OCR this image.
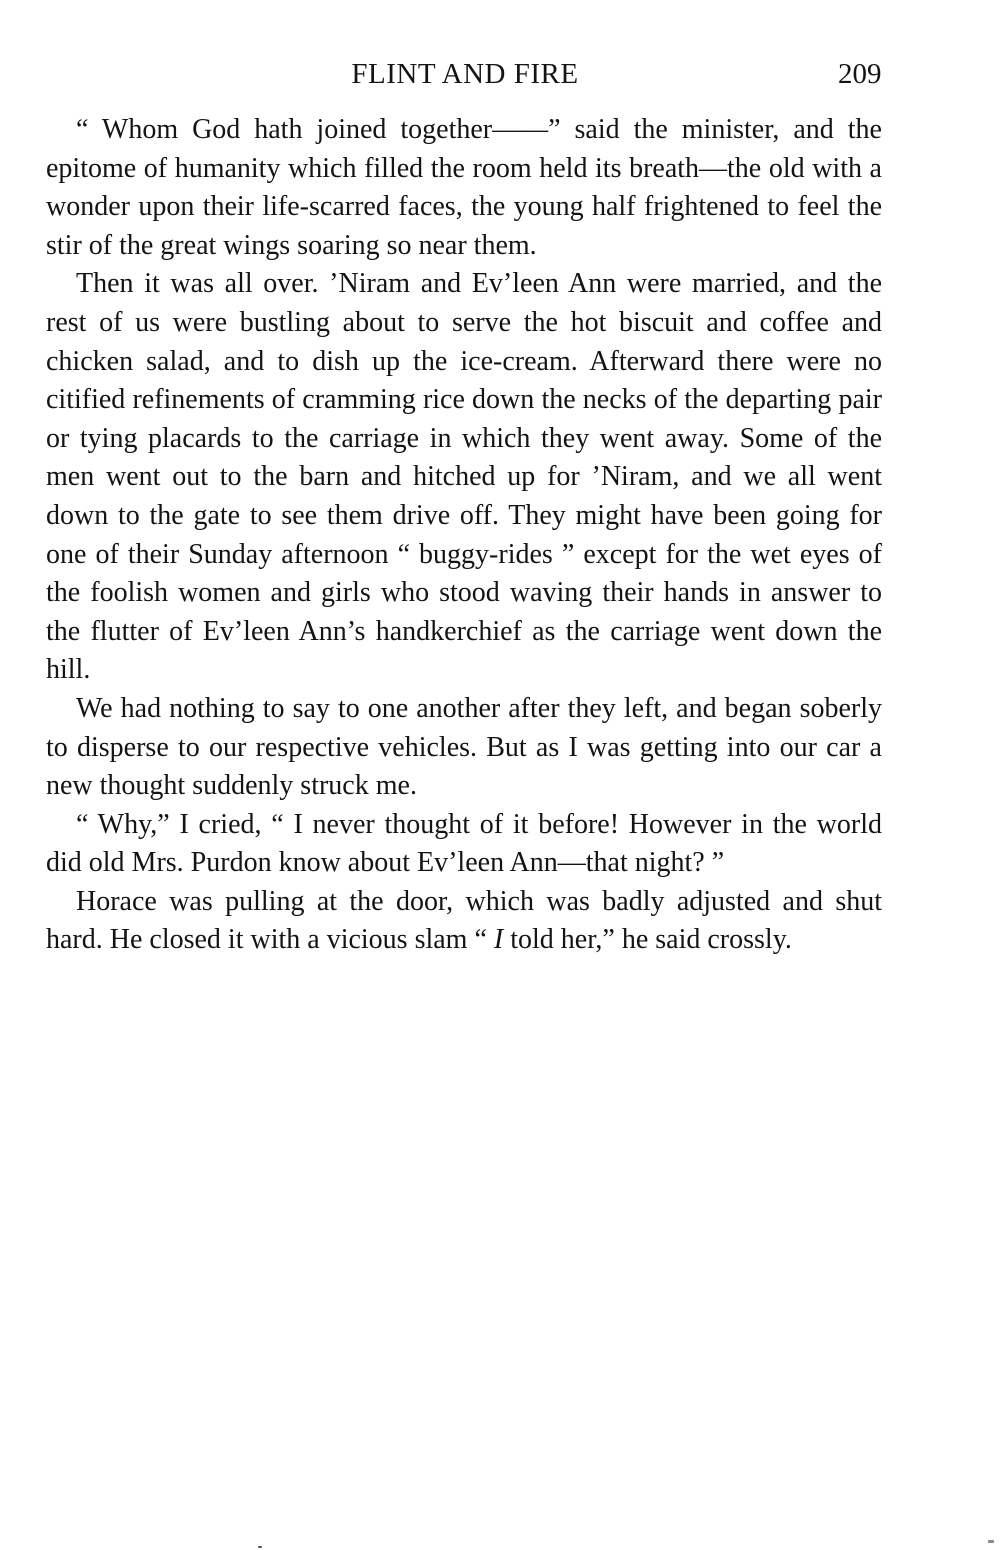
FLINT AND FIRE	209

“ Whom God hath joined together——” said the minister, and the epitome of humanity which filled the room held its breath—the old with a wonder upon their life-scarred faces, the young half frightened to feel the stir of the great wings soaring so near them.

Then it was all over. ’Niram and Ev’leen Ann were married, and the rest of us were bustling about to serve the hot biscuit and coffee and chicken salad, and to dish up the ice-cream. Afterward there were no citified refinements of cramming rice down the necks of the departing pair or tying placards to the carriage in which they went away. Some of the men went out to the barn and hitched up for ’Niram, and we all went down to the gate to see them drive off. They might have been going for one of their Sunday afternoon “ buggy-rides ” except for the wet eyes of the foolish women and girls who stood waving their hands in answer to the flutter of Ev’leen Ann’s handkerchief as the carriage went down the hill.

We had nothing to say to one another after they left, and began soberly to disperse to our respective vehicles. But as I was getting into our car a new thought suddenly struck me.

“ Why,” I cried, “ I never thought of it before! However in the world did old Mrs. Purdon know about Ev’leen Ann—that night? ”

Horace was pulling at the door, which was badly adjusted and shut hard. He closed it with a vicious slam “ I told her,” he said crossly.
